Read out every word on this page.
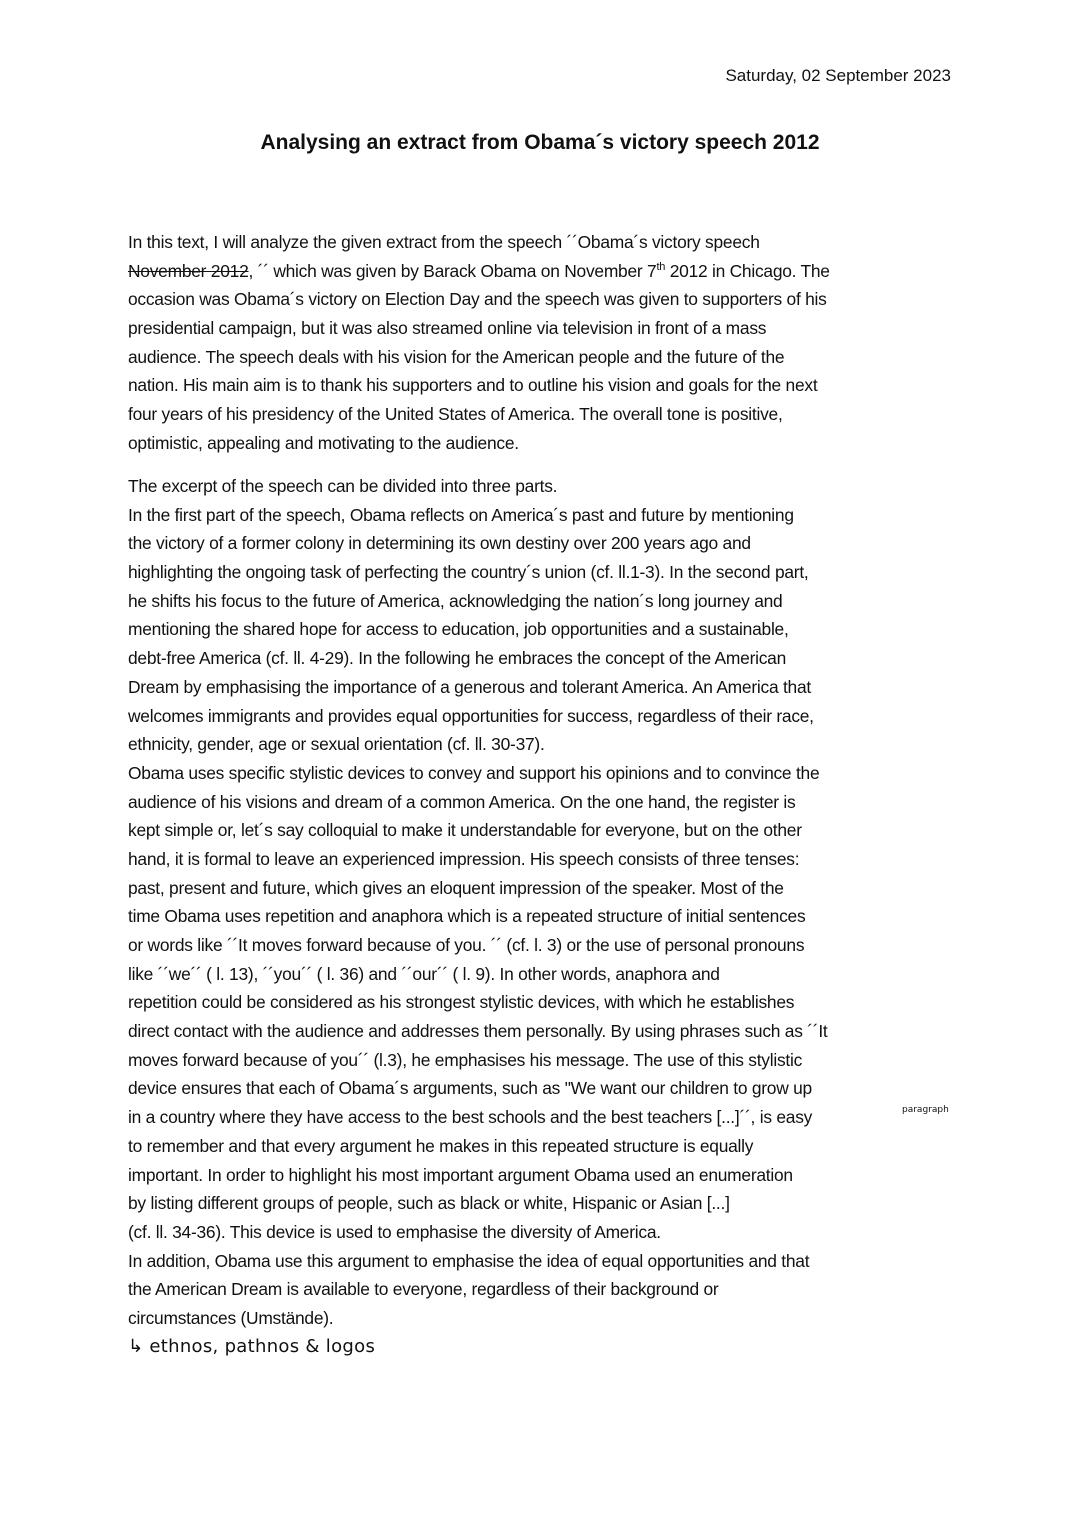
Saturday, 02 September 2023
Analysing an extract from Obama´s victory speech 2012
In this text, I will analyze the given extract from the speech ´´Obama´s victory speech
November 2012, ´´ which was given by Barack Obama on November 7th 2012 in Chicago. The
occasion was Obama´s victory on Election Day and the speech was given to supporters of his
presidential campaign, but it was also streamed online via television in front of a mass
audience. The speech deals with his vision for the American people and the future of the
nation. His main aim is to thank his supporters and to outline his vision and goals for the next
four years of his presidency of the United States of America. The overall tone is positive,
optimistic, appealing and motivating to the audience.
The excerpt of the speech can be divided into three parts.
In the first part of the speech, Obama reflects on America´s past and future by mentioning
the victory of a former colony in determining its own destiny over 200 years ago and
highlighting the ongoing task of perfecting the country´s union (cf. ll.1-3). In the second part,
he shifts his focus to the future of America, acknowledging the nation´s long journey and
mentioning the shared hope for access to education, job opportunities and a sustainable,
debt-free America (cf. ll. 4-29). In the following he embraces the concept of the American
Dream by emphasising the importance of a generous and tolerant America. An America that
welcomes immigrants and provides equal opportunities for success, regardless of their race,
ethnicity, gender, age or sexual orientation (cf. ll. 30-37).
Obama uses specific stylistic devices to convey and support his opinions and to convince the
audience of his visions and dream of a common America. On the one hand, the register is
kept simple or, let´s say colloquial to make it understandable for everyone, but on the other
hand, it is formal to leave an experienced impression. His speech consists of three tenses:
past, present and future, which gives an eloquent impression of the speaker. Most of the
time Obama uses repetition and anaphora which is a repeated structure of initial sentences
or words like ´´It moves forward because of you. ´´ (cf. l. 3) or the use of personal pronouns
like ´´we´´ ( l. 13), ´´you´´ ( l. 36) and ´´our´´ ( l. 9). In other words, anaphora and
repetition could be considered as his strongest stylistic devices, with which he establishes
direct contact with the audience and addresses them personally. By using phrases such as ´´It
moves forward because of you´´ (l.3), he emphasises his message. The use of this stylistic
device ensures that each of Obama´s arguments, such as "We want our children to grow up
in a country where they have access to the best schools and the best teachers [...]´´, is easy	paragraph
to remember and that every argument he makes in this repeated structure is equally
important. In order to highlight his most important argument Obama used an enumeration
by listing different groups of people, such as black or white, Hispanic or Asian [...]
(cf. ll. 34-36). This device is used to emphasise the diversity of America.
In addition, Obama use this argument to emphasise the idea of equal opportunities and that
the American Dream is available to everyone, regardless of their background or
circumstances (Umstände).
↳ ethnos, pathnos & logos
